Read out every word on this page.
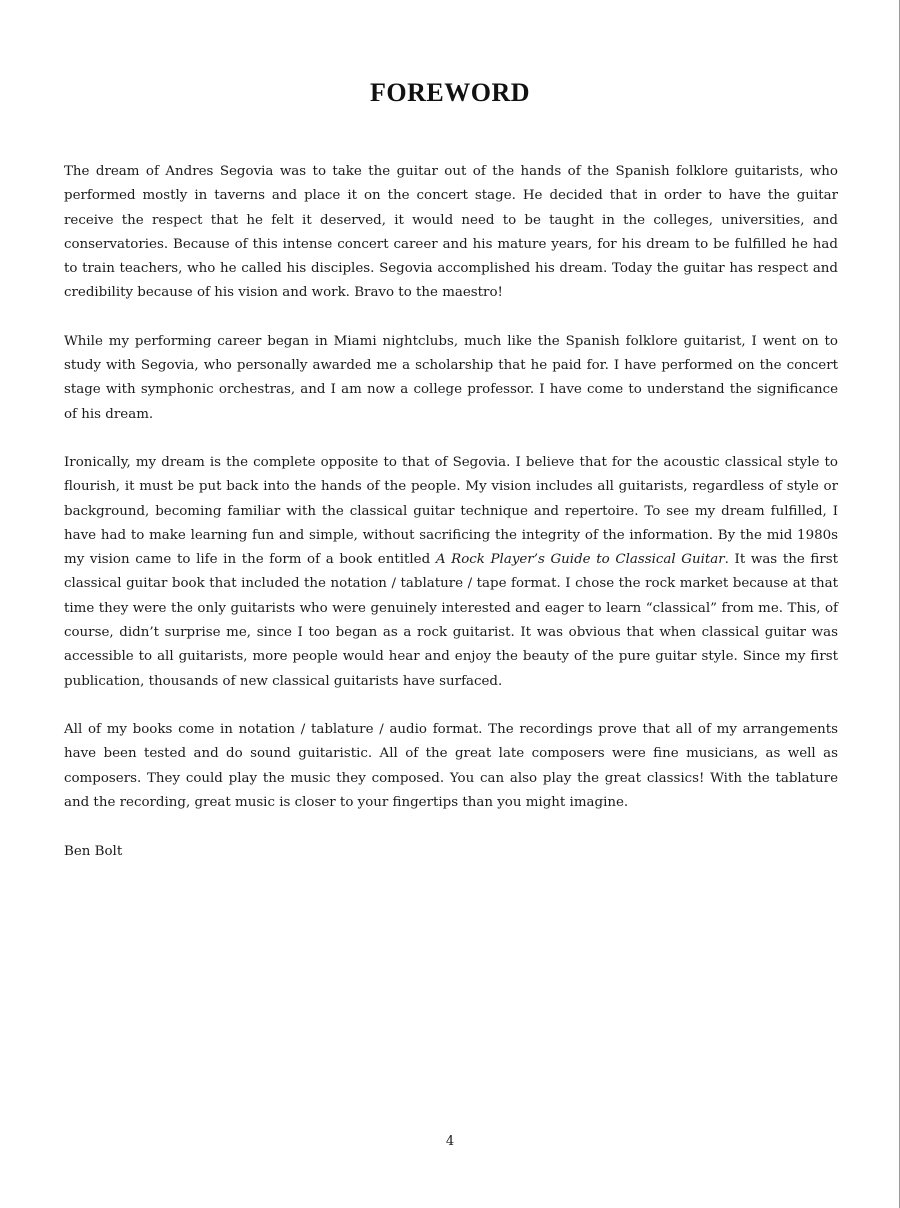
FOREWORD

The dream of Andres Segovia was to take the guitar out of the hands of the Spanish folklore guitarists, who performed mostly in taverns and place it on the concert stage. He decided that in order to have the guitar receive the respect that he felt it deserved, it would need to be taught in the colleges, universities, and conservatories. Because of this intense concert career and his mature years, for his dream to be fulfilled he had to train teachers, who he called his disciples. Segovia accomplished his dream. Today the guitar has respect and credibility because of his vision and work. Bravo to the maestro!

While my performing career began in Miami nightclubs, much like the Spanish folklore guitarist, I went on to study with Segovia, who personally awarded me a scholarship that he paid for. I have performed on the concert stage with symphonic orchestras, and I am now a college professor. I have come to understand the significance of his dream.

Ironically, my dream is the complete opposite to that of Segovia. I believe that for the acoustic classical style to flourish, it must be put back into the hands of the people. My vision includes all guitarists, regardless of style or background, becoming familiar with the classical guitar technique and repertoire. To see my dream fulfilled, I have had to make learning fun and simple, without sacrificing the integrity of the information. By the mid 1980s my vision came to life in the form of a book entitled A Rock Player’s Guide to Classical Guitar. It was the first classical guitar book that included the notation / tablature / tape format. I chose the rock market because at that time they were the only guitarists who were genuinely interested and eager to learn “classical” from me. This, of course, didn’t surprise me, since I too began as a rock guitarist. It was obvious that when classical guitar was accessible to all guitarists, more people would hear and enjoy the beauty of the pure guitar style. Since my first publication, thousands of new classical guitarists have surfaced.

All of my books come in notation / tablature / audio format. The recordings prove that all of my arrangements have been tested and do sound guitaristic. All of the great late composers were fine musicians, as well as composers. They could play the music they composed. You can also play the great classics! With the tablature and the recording, great music is closer to your fingertips than you might imagine.

Ben Bolt

4
